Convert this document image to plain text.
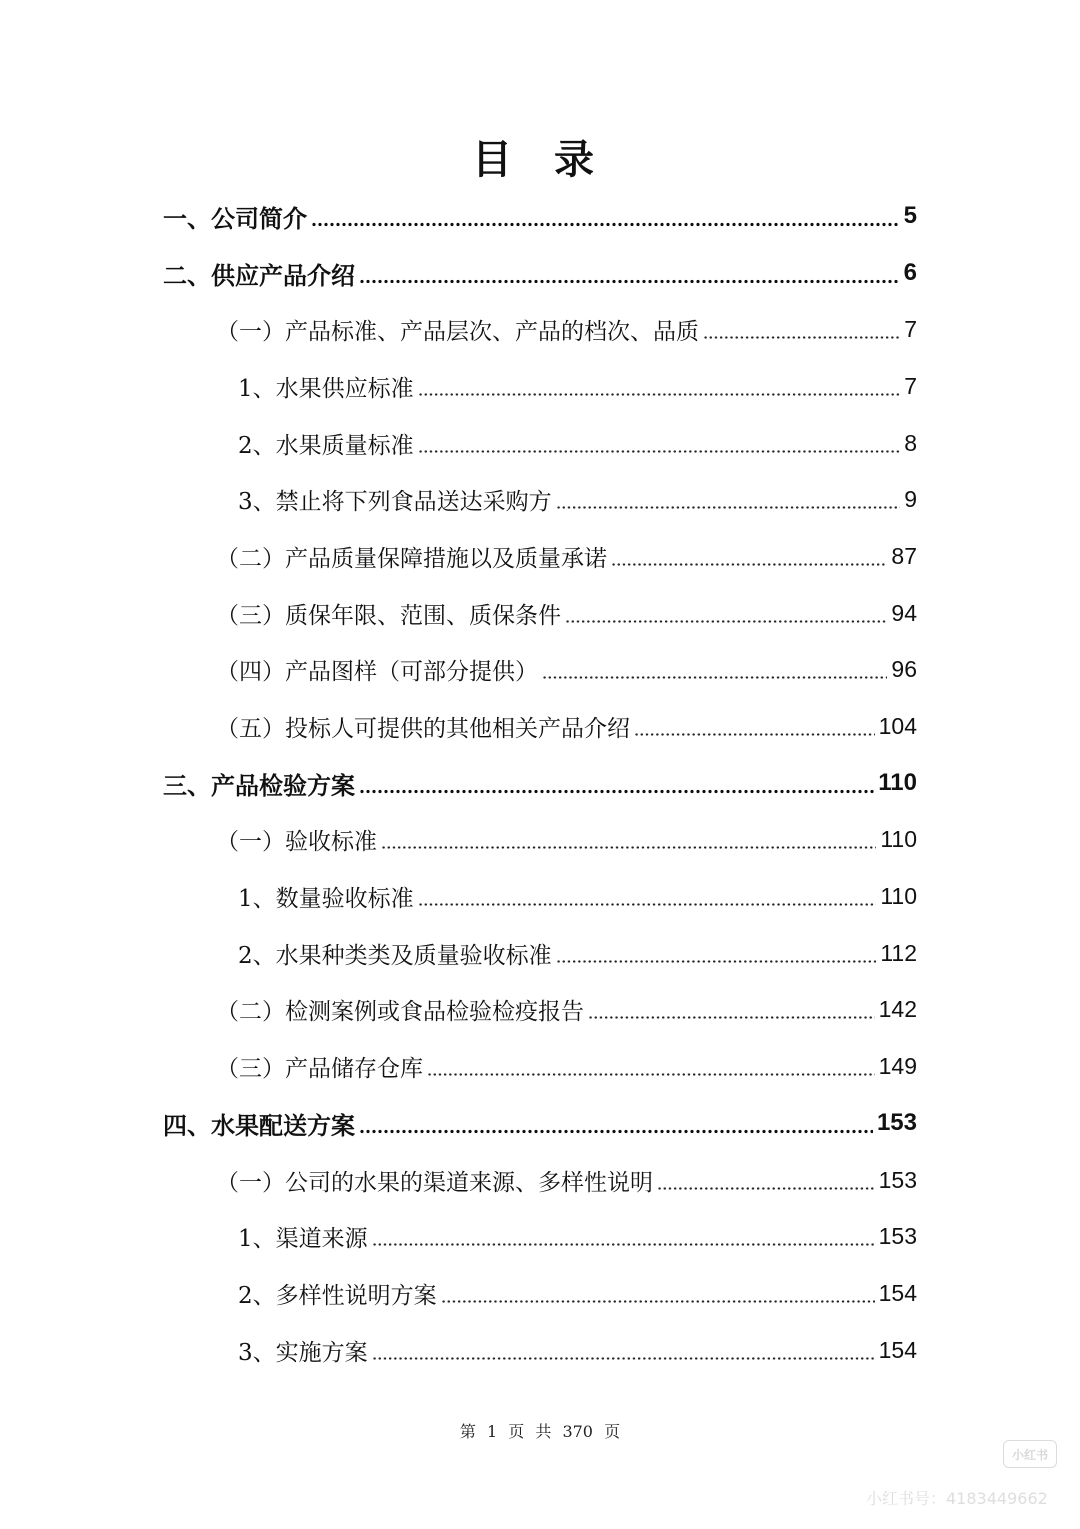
目 录
一、公司简介	5
二、供应产品介绍	6
（一）产品标准、产品层次、产品的档次、品质	7
1、水果供应标准	7
2、水果质量标准	8
3、禁止将下列食品送达采购方	9
（二）产品质量保障措施以及质量承诺	87
（三）质保年限、范围、质保条件	94
（四）产品图样（可部分提供）	96
（五）投标人可提供的其他相关产品介绍	104
三、产品检验方案	110
（一）验收标准	110
1、数量验收标准	110
2、水果种类类及质量验收标准	112
（二）检测案例或食品检验检疫报告	142
（三）产品储存仓库	149
四、水果配送方案	153
（一）公司的水果的渠道来源、多样性说明	153
1、渠道来源	153
2、多样性说明方案	154
3、实施方案	154
第 1 页 共 370 页
小红书
小红书号：4183449662
